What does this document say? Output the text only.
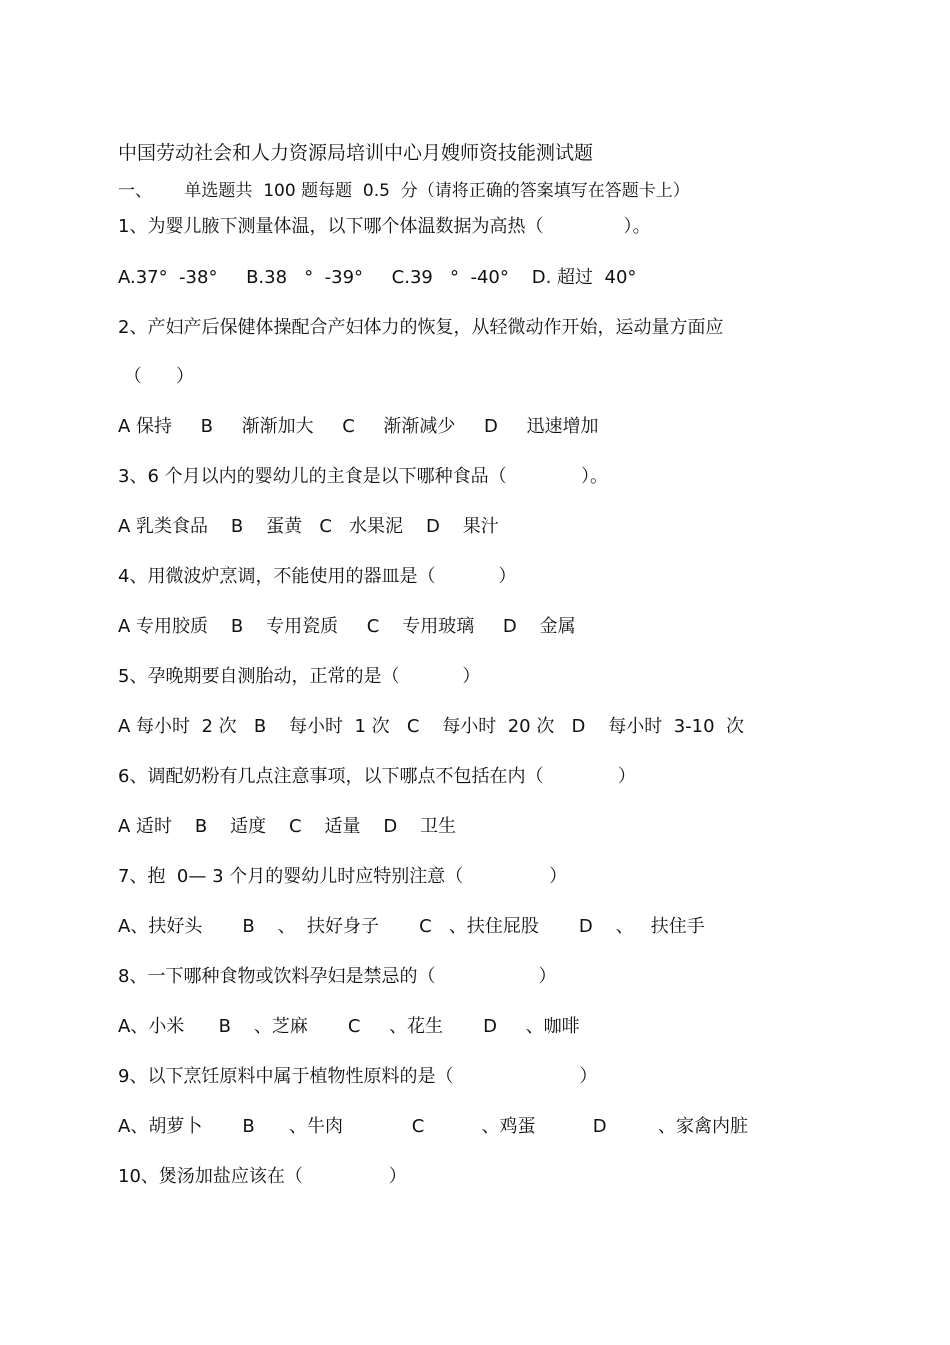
中国劳动社会和人力资源局培训中心月嫂师资技能测试题
一、      单选题共  100 题每题  0.5  分（请将正确的答案填写在答题卡上）
1、为婴儿腋下测量体温，以下哪个体温数据为高热（              ）。
A.37°  -38°     B.38   °  -39°     C.39   °  -40°    D. 超过  40°
2、产妇产后保健体操配合产妇体力的恢复，从轻微动作开始，运动量方面应
（      ）
A 保持     B     渐渐加大     C     渐渐减少     D     迅速增加
3、6 个月以内的婴幼儿的主食是以下哪种食品（             ）。
A 乳类食品    B    蛋黄   C   水果泥    D    果汁
4、用微波炉烹调，不能使用的器皿是（           ）
A 专用胶质    B    专用瓷质     C    专用玻璃     D    金属
5、孕晚期要自测胎动，正常的是（           ）
A 每小时  2 次   B    每小时  1 次   C    每小时  20 次   D    每小时  3-10  次
6、调配奶粉有几点注意事项，以下哪点不包括在内（             ）
A 适时    B    适度    C    适量    D    卫生
7、抱  0— 3 个月的婴幼儿时应特别注意（               ）
A、扶好头       B    、  扶好身子       C   、扶住屁股       D    、   扶住手
8、一下哪种食物或饮料孕妇是禁忌的（                  ）
A、小米      B    、芝麻       C     、花生       D     、咖啡
9、以下烹饪原料中属于植物性原料的是（                      ）
A、胡萝卜       B      、牛肉            C          、鸡蛋          D         、家禽内脏
10、煲汤加盐应该在（               ）
